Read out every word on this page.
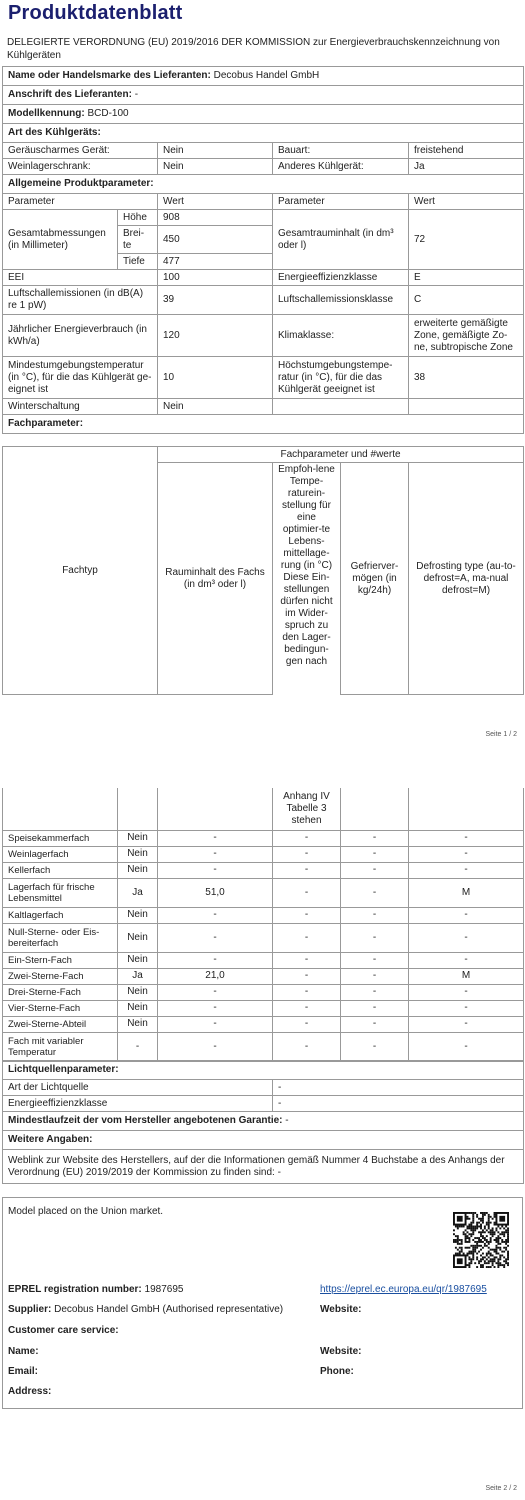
Produktdatenblatt
DELEGIERTE VERORDNUNG (EU) 2019/2016 DER KOMMISSION zur Energieverbrauchskennzeichnung von Kühlgeräten
Name oder Handelsmarke des Lieferanten: Decobus Handel GmbH				
Anschrift des Lieferanten: -				
Modellkennung: BCD-100				
Art des Kühlgeräts:				
Geräuscharmes Gerät:		Nein	Bauart:	freistehend
Weinlagerschrank:		Nein	Anderes Kühlgerät:	Ja
Allgemeine Produktparameter:				
Parameter		Wert	Parameter	Wert
Gesamtabmessungen (in Millimeter)	Höhe	908	Gesamtrauminhalt (in dm³ oder l)	72
	Brei-te	450		
	Tiefe	477		
EEI		100	Energieeffizienzklasse	E
Luftschallemissionen (in dB(A) re 1 pW)		39	Luftschallemissionsklasse	C
Jährlicher Energieverbrauch (in kWh/a)		120	Klimaklasse:	erweiterte gemäßigte Zone, gemäßigte Zo-ne, subtropische Zone
Mindestumgebungstemperatur (in °C), für die das Kühlgerät ge-eignet ist		10	Höchstumgebungstempe-ratur (in °C), für die das Kühlgerät geeignet ist	38
Winterschaltung		Nein		
Fachparameter:				
Fachtyp	Fachparameter und #werte			
	Rauminhalt des Fachs (in dm³ oder l)	Empfoh-lene Tempe-raturein-stellung für eine optimier-te Lebens-mittellage-rung (in °C) Diese Ein-stellungen dürfen nicht im Wider-spruch zu den Lager-bedingun-gen nach	Gefrierver-mögen (in kg/24h)	Defrosting type (au-to-defrost=A, ma-nual defrost=M)
Seite 1 / 2
			Anhang IV Tabelle 3 stehen		
Speisekammerfach	Nein	-	-	-	-
Weinlagerfach	Nein	-	-	-	-
Kellerfach	Nein	-	-	-	-
Lagerfach für frische Lebensmittel	Ja	51,0	-	-	M
Kaltlagerfach	Nein	-	-	-	-
Null-Sterne- oder Eis-bereiterfach	Nein	-	-	-	-
Ein-Stern-Fach	Nein	-	-	-	-
Zwei-Sterne-Fach	Ja	21,0	-	-	M
Drei-Sterne-Fach	Nein	-	-	-	-
Vier-Sterne-Fach	Nein	-	-	-	-
Zwei-Sterne-Abteil	Nein	-	-	-	-
Fach mit variabler Temperatur	-	-	-	-	-
Lichtquellenparameter:	
Art der Lichtquelle	-
Energieeffizienzklasse	-
Mindestlaufzeit der vom Hersteller angebotenen Garantie: -	
Weitere Angaben:	
Weblink zur Website des Herstellers, auf der die Informationen gemäß Nummer 4 Buchstabe a des Anhangs der Verordnung (EU) 2019/2019 der Kommission zu finden sind: -	
Model placed on the Union market.
EPREL registration number: 1987695	https://eprel.ec.europa.eu/qr/1987695
Supplier: Decobus Handel GmbH (Authorised representative)	Website:
Customer care service:
Name:	Website:
Email:	Phone:
Address:
Seite 2 / 2
